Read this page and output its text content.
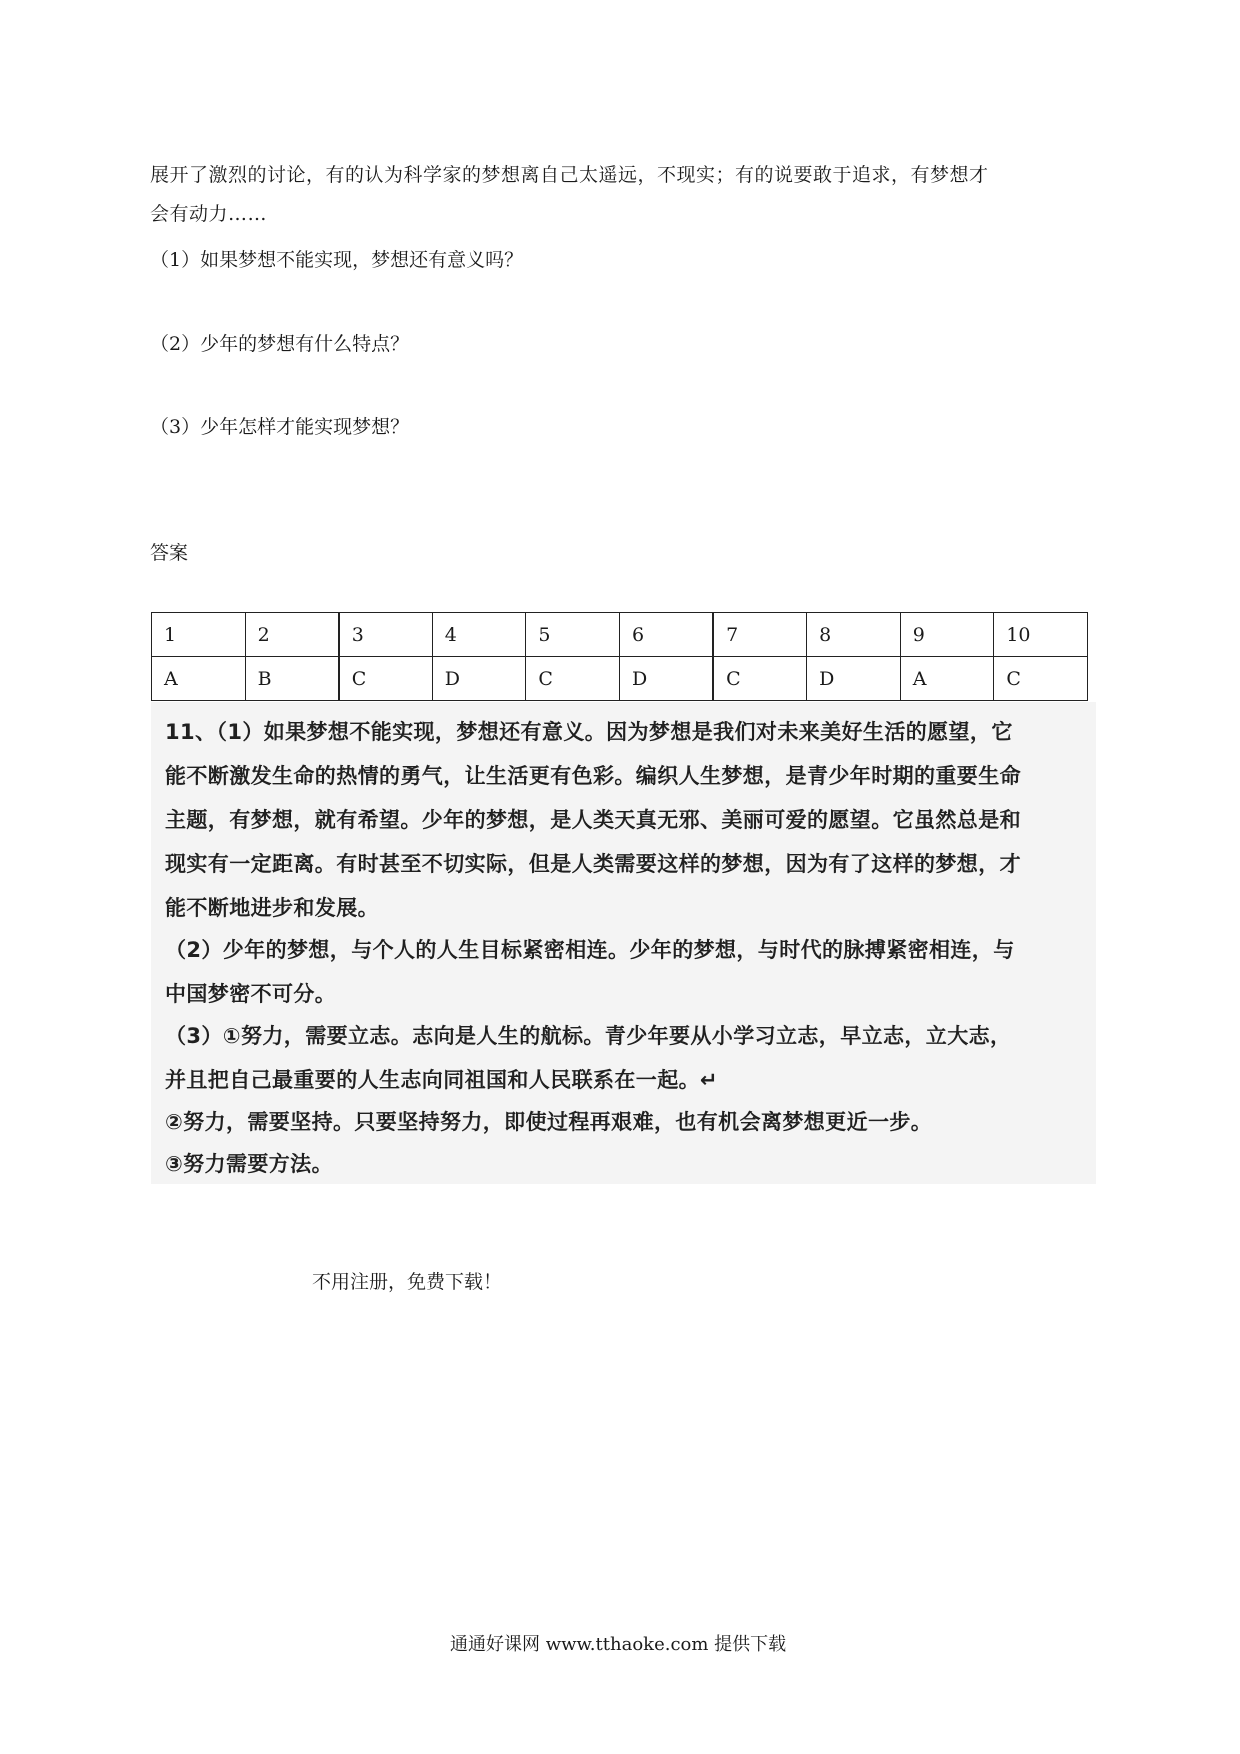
展开了激烈的讨论，有的认为科学家的梦想离自己太遥远，不现实；有的说要敢于追求，有梦想才
会有动力……
（1）如果梦想不能实现，梦想还有意义吗？
（2）少年的梦想有什么特点？
（3）少年怎样才能实现梦想？
答案
1	2	3	4	5	6	7	8	9	10
A	B	C	D	C	D	C	D	A	C
11、（1）如果梦想不能实现，梦想还有意义。因为梦想是我们对未来美好生活的愿望，它
能不断激发生命的热情的勇气，让生活更有色彩。编织人生梦想，是青少年时期的重要生命
主题，有梦想，就有希望。少年的梦想，是人类天真无邪、美丽可爱的愿望。它虽然总是和
现实有一定距离。有时甚至不切实际，但是人类需要这样的梦想，因为有了这样的梦想，才
能不断地进步和发展。
（2）少年的梦想，与个人的人生目标紧密相连。少年的梦想，与时代的脉搏紧密相连，与
中国梦密不可分。
（3）①努力，需要立志。志向是人生的航标。青少年要从小学习立志，早立志，立大志，
并且把自己最重要的人生志向同祖国和人民联系在一起。↵
②努力，需要坚持。只要坚持努力，即使过程再艰难，也有机会离梦想更近一步。
③努力需要方法。
不用注册，免费下载！
通通好课网 www.tthaoke.com 提供下载
